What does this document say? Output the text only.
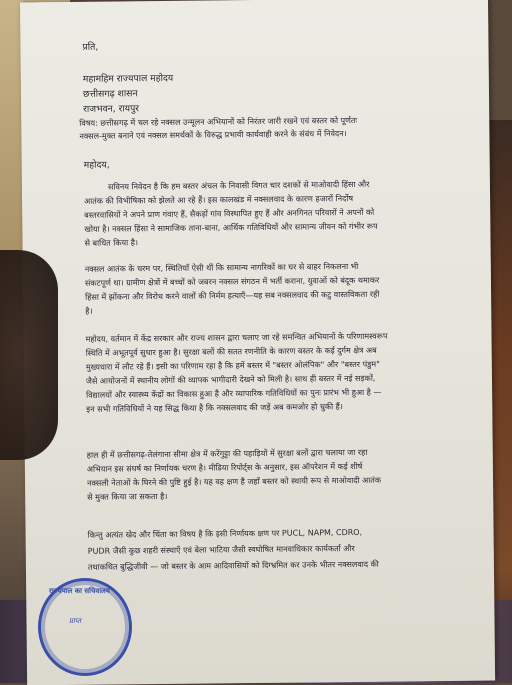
प्रति,
महामहिम राज्यपाल महोदय
छत्तीसगढ़ शासन
राजभवन, रायपुर
विषय: छत्तीसगढ़ में चल रहे नक्सल उन्मूलन अभियानों को निरंतर जारी रखने एवं बस्तर को पूर्णतः
नक्सल-मुक्त बनाने एवं नक्सल समर्थकों के विरुद्ध प्रभावी कार्यवाही करने के संबंध में निवेदन।
महोदय,
सविनय निवेदन है कि हम बस्तर अंचल के निवासी विगत चार दशकों से माओवादी हिंसा और
आतंक की विभीषिका को झेलते आ रहे हैं। इस कालखंड में नक्सलवाद के कारण हजारों निर्दोष
बस्तरवासियों ने अपने प्राण गंवाए हैं, सैकड़ों गांव विस्थापित हुए हैं और अनगिनत परिवारों ने अपनों को
खोया है। नक्सल हिंसा ने सामाजिक ताना-बाना, आर्थिक गतिविधियों और सामान्य जीवन को गंभीर रूप
से बाधित किया है।
नक्सल आतंक के चरम पर, स्थितियाँ ऐसी थीं कि सामान्य नागरिकों का घर से बाहर निकलना भी
संकटपूर्ण था। ग्रामीण क्षेत्रों में बच्चों को जबरन नक्सल संगठन में भर्ती कराना, युवाओं को बंदूक थमाकर
हिंसा में झोंकना और विरोध करने वालों की निर्मम हत्याएँ—यह सब नक्सलवाद की कटु वास्तविकता रही
है।
महोदय, वर्तमान में केंद्र सरकार और राज्य शासन द्वारा चलाए जा रहे समन्वित अभियानों के परिणामस्वरूप
स्थिति में अभूतपूर्व सुधार हुआ है। सुरक्षा बलों की सतत रणनीति के कारण बस्तर के कई दुर्गम क्षेत्र अब
मुख्यधारा में लौट रहे हैं। इसी का परिणाम रहा है कि हमें बस्तर में "बस्तर ओलंपिक" और "बस्तर पंडुम"
जैसे आयोजनों में स्थानीय लोगों की व्यापक भागीदारी देखने को मिली है। साथ ही बस्तर में नई सड़कों,
विद्यालयों और स्वास्थ्य केंद्रों का विकास हुआ है और व्यापारिक गतिविधियों का पुनः प्रारंभ भी हुआ है —
इन सभी गतिविधियों ने यह सिद्ध किया है कि नक्सलवाद की जड़ें अब कमजोर हो चुकी हैं।
हाल ही में छत्तीसगढ़-तेलंगाना सीमा क्षेत्र में करेंगुट्टा की पहाड़ियों में सुरक्षा बलों द्वारा चलाया जा रहा
अभियान इस संघर्ष का निर्णायक चरण है। मीडिया रिपोर्ट्स के अनुसार, इस ऑपरेशन में कई शीर्ष
नक्सली नेताओं के घिरने की पुष्टि हुई है। यह वह क्षण है जहाँ बस्तर को स्थायी रूप से माओवादी आतंक
से मुक्त किया जा सकता है।
किन्तु अत्यंत खेद और चिंता का विषय है कि इसी निर्णायक क्षण पर PUCL, NAPM, CDRO,
PUDR जैसी कुछ शहरी संस्थाएँ एवं बेला भाटिया जैसी स्वघोषित मानवाधिकार कार्यकर्ता और
तथाकथित बुद्धिजीवी — जो बस्तर के आम आदिवासियों को दिग्भ्रमित कर उनके भीतर नक्सलवाद की
राज्यपाल का सचिवालय
प्राप्त
